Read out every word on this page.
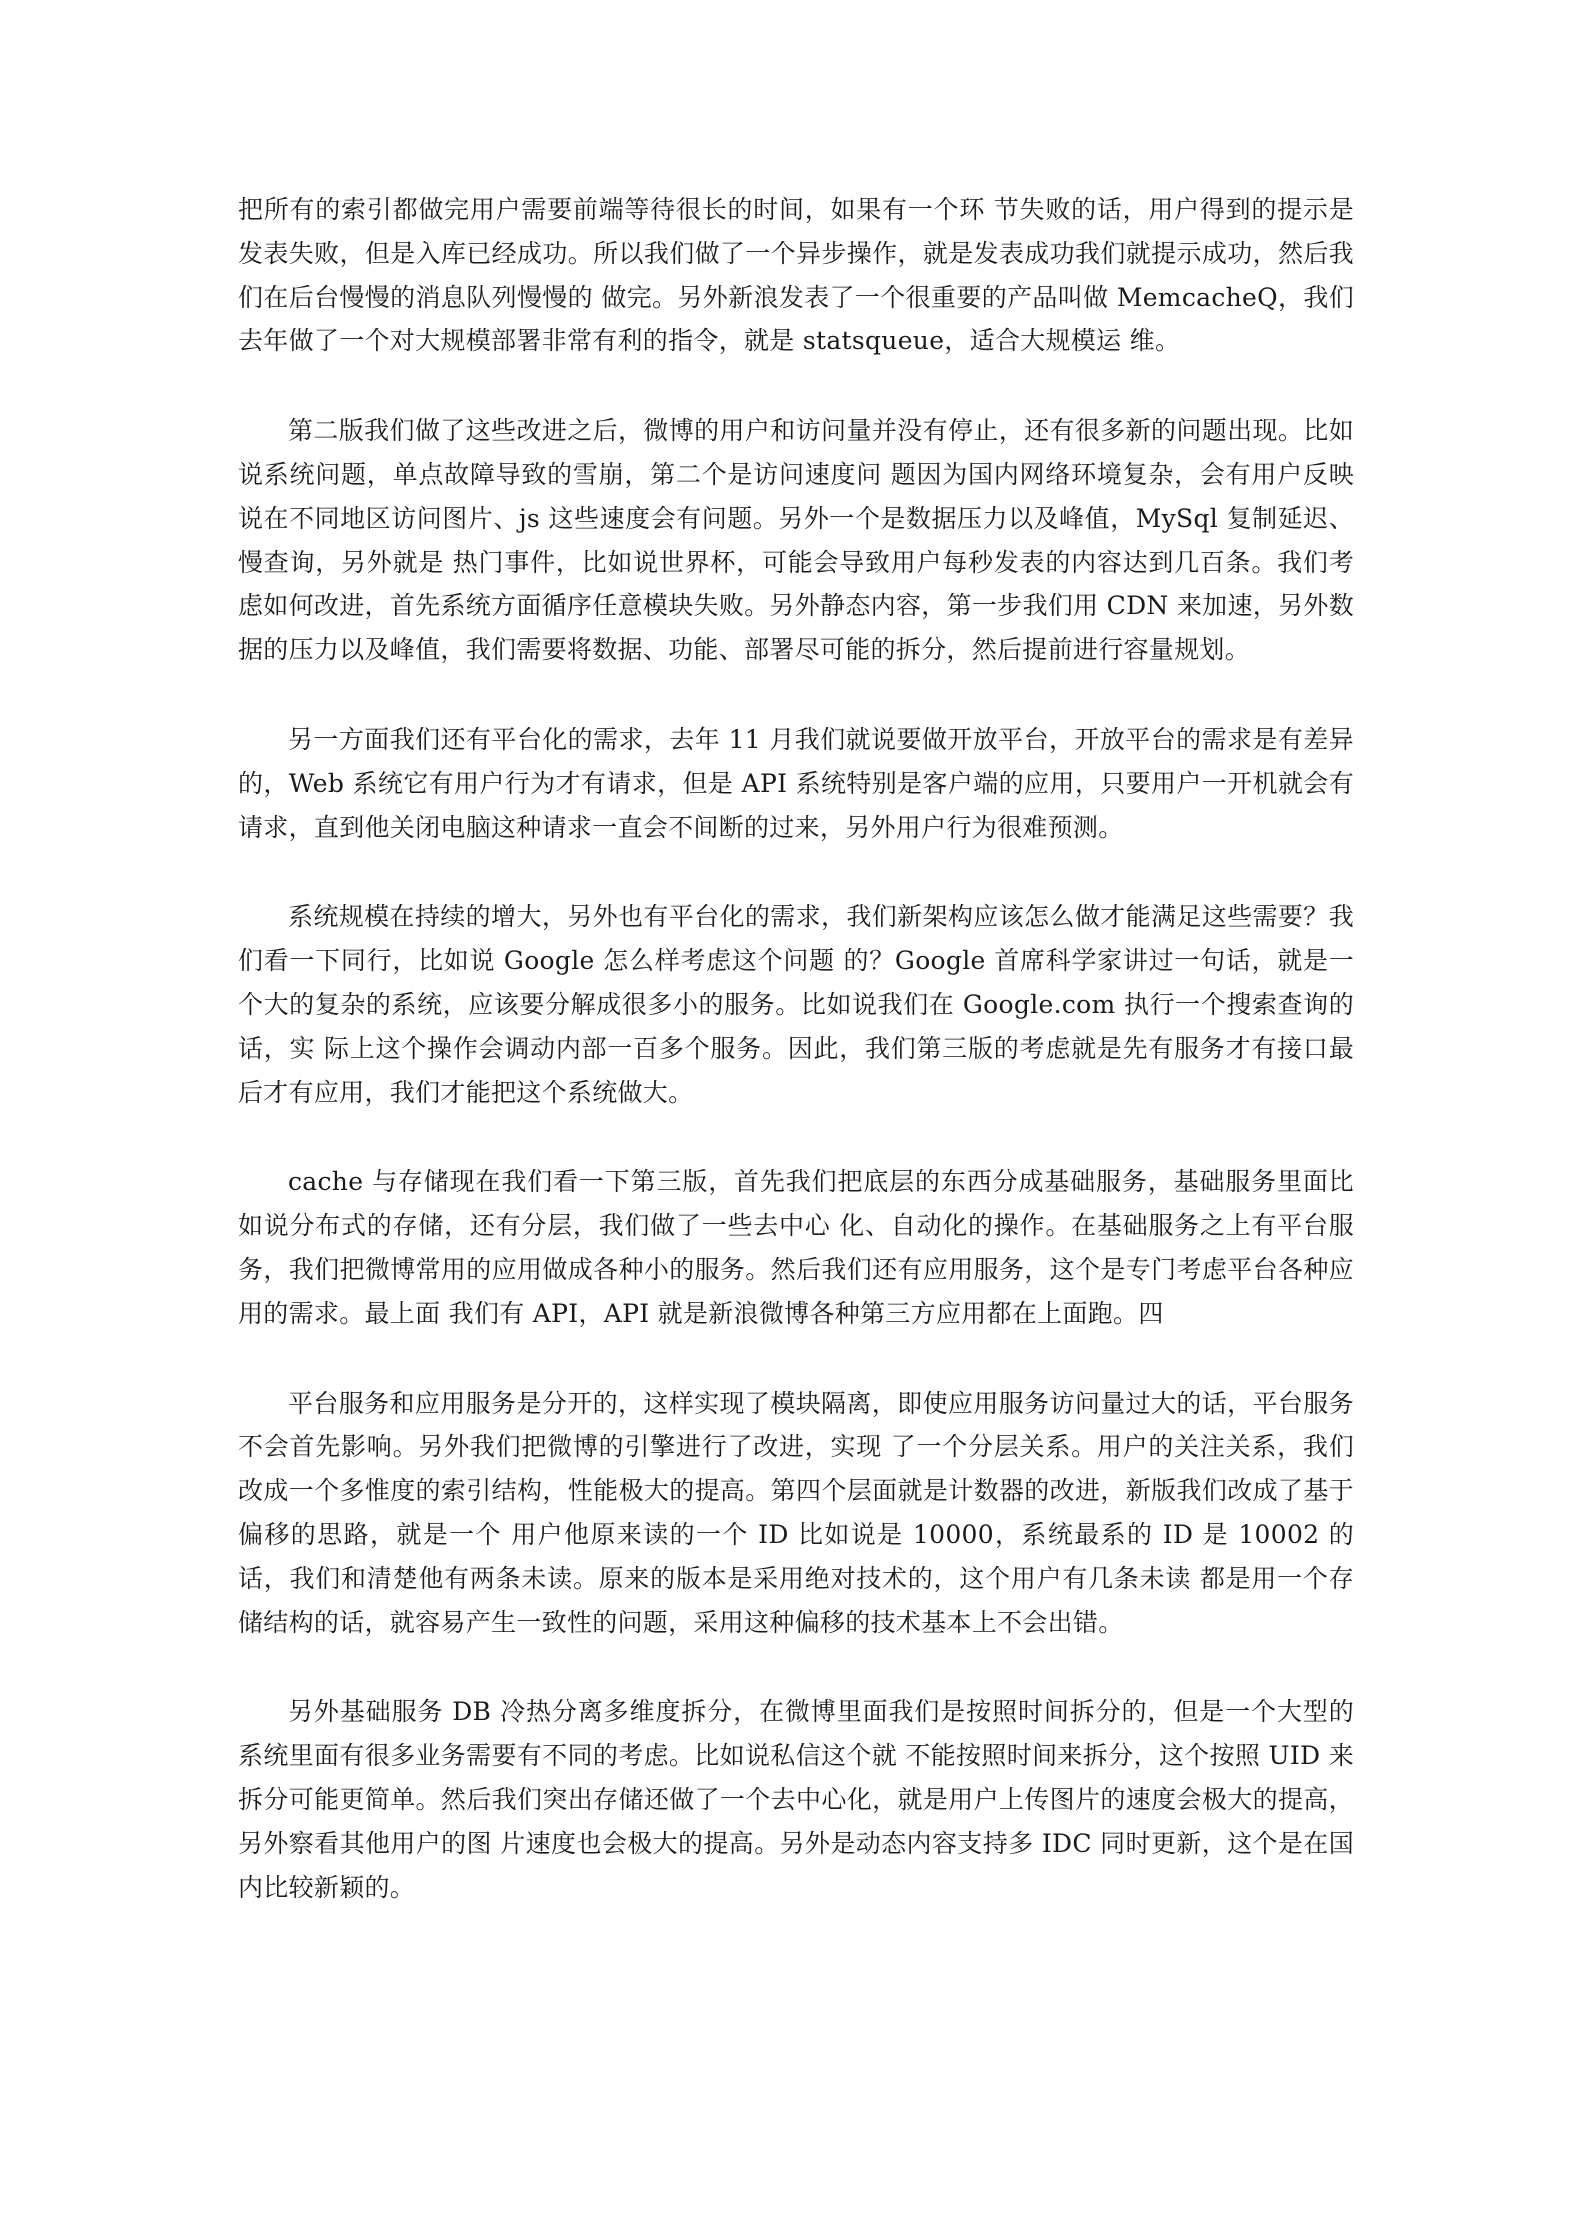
把所有的索引都做完用户需要前端等待很长的时间，如果有一个环 节失败的话，用户得到的提示是发表失败，但是入库已经成功。所以我们做了一个异步操作，就是发表成功我们就提示成功，然后我们在后台慢慢的消息队列慢慢的 做完。另外新浪发表了一个很重要的产品叫做 MemcacheQ，我们去年做了一个对大规模部署非常有利的指令，就是 statsqueue，适合大规模运 维。

第二版我们做了这些改进之后，微博的用户和访问量并没有停止，还有很多新的问题出现。比如说系统问题，单点故障导致的雪崩，第二个是访问速度问 题因为国内网络环境复杂，会有用户反映说在不同地区访问图片、js 这些速度会有问题。另外一个是数据压力以及峰值，MySql 复制延迟、慢查询，另外就是 热门事件，比如说世界杯，可能会导致用户每秒发表的内容达到几百条。我们考虑如何改进，首先系统方面循序任意模块失败。另外静态内容，第一步我们用 CDN 来加速，另外数据的压力以及峰值，我们需要将数据、功能、部署尽可能的拆分，然后提前进行容量规划。

另一方面我们还有平台化的需求，去年 11 月我们就说要做开放平台，开放平台的需求是有差异的，Web 系统它有用户行为才有请求，但是 API 系统特别是客户端的应用，只要用户一开机就会有请求，直到他关闭电脑这种请求一直会不间断的过来，另外用户行为很难预测。

系统规模在持续的增大，另外也有平台化的需求，我们新架构应该怎么做才能满足这些需要？我们看一下同行，比如说 Google 怎么样考虑这个问题 的？Google 首席科学家讲过一句话，就是一个大的复杂的系统，应该要分解成很多小的服务。比如说我们在 Google.com 执行一个搜索查询的话，实 际上这个操作会调动内部一百多个服务。因此，我们第三版的考虑就是先有服务才有接口最后才有应用，我们才能把这个系统做大。

cache 与存储现在我们看一下第三版，首先我们把底层的东西分成基础服务，基础服务里面比如说分布式的存储，还有分层，我们做了一些去中心 化、自动化的操作。在基础服务之上有平台服务，我们把微博常用的应用做成各种小的服务。然后我们还有应用服务，这个是专门考虑平台各种应用的需求。最上面 我们有 API，API 就是新浪微博各种第三方应用都在上面跑。四

平台服务和应用服务是分开的，这样实现了模块隔离，即使应用服务访问量过大的话，平台服务不会首先影响。另外我们把微博的引擎进行了改进，实现 了一个分层关系。用户的关注关系，我们改成一个多惟度的索引结构，性能极大的提高。第四个层面就是计数器的改进，新版我们改成了基于偏移的思路，就是一个 用户他原来读的一个 ID 比如说是 10000，系统最系的 ID 是 10002 的话，我们和清楚他有两条未读。原来的版本是采用绝对技术的，这个用户有几条未读 都是用一个存储结构的话，就容易产生一致性的问题，采用这种偏移的技术基本上不会出错。

另外基础服务 DB 冷热分离多维度拆分，在微博里面我们是按照时间拆分的，但是一个大型的系统里面有很多业务需要有不同的考虑。比如说私信这个就 不能按照时间来拆分，这个按照 UID 来拆分可能更简单。然后我们突出存储还做了一个去中心化，就是用户上传图片的速度会极大的提高，另外察看其他用户的图 片速度也会极大的提高。另外是动态内容支持多 IDC 同时更新，这个是在国内比较新颖的。
